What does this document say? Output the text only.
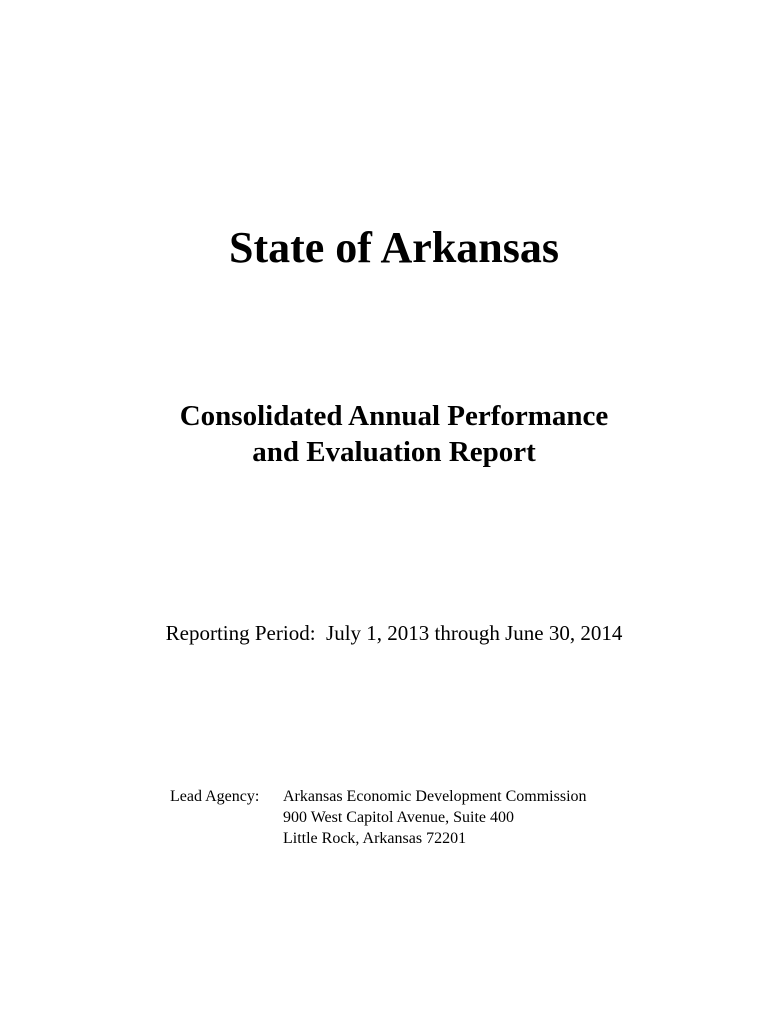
State of Arkansas
Consolidated Annual Performance
and Evaluation Report
Reporting Period:  July 1, 2013 through June 30, 2014
Lead Agency: Arkansas Economic Development Commission
900 West Capitol Avenue, Suite 400
Little Rock, Arkansas 72201
